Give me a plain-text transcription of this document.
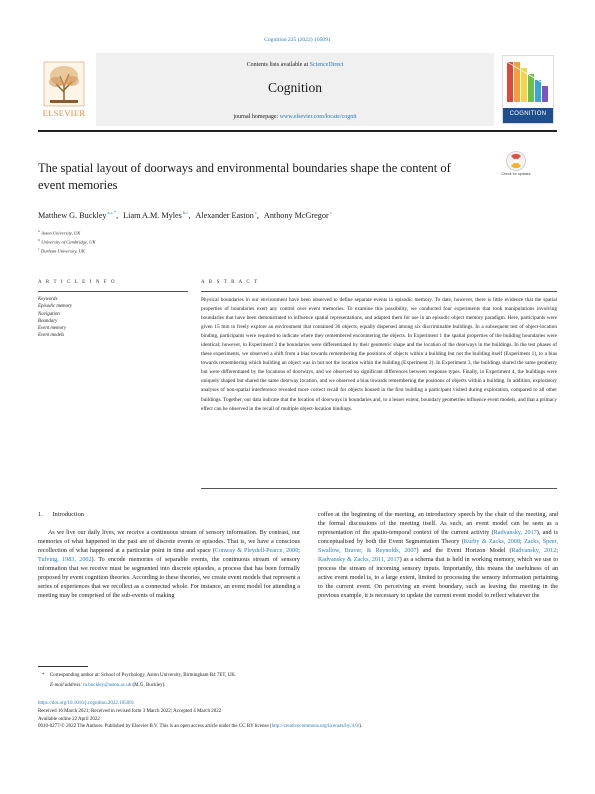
Cognition 225 (2022) 105091
ELSEVIER
Contents lists available at ScienceDirect
Cognition
journal homepage: www.elsevier.com/locate/cognit	COGNITION
The spatial layout of doorways and environmental boundaries shape the content of event memories
Check for updates
Matthew G. Buckley$^{a,c,*}$, Liam A.M. Myles$^{b,c}$, Alexander Easton$^c$, Anthony McGregor$^c$
$^a$ Aston University, UK
$^b$ University of Cambridge, UK
$^c$ Durham University, UK
A R T I C L E I N F O	A B S T R A C T
Keywords
Episodic memory
Navigation
Boundary
Event memory
Event models
Physical boundaries in our environment have been observed to define separate events in episodic memory. To date, however, there is little evidence that the spatial properties of boundaries exert any control over event memories. To examine this possibility, we conducted four experiments that took manipulations involving boundaries that have been demonstrated to influence spatial representations, and adapted them for use in an episodic object memory paradigm. Here, participants were given 15 min to freely explore an environment that contained 36 objects, equally dispersed among six discriminable buildings. In a subsequent test of object-location binding, participants were required to indicate where they remembered encountering the objects. In Experiment 1 the spatial properties of the building boundaries were identical; however, in Experiment 2 the boundaries were differentiated by their geometric shape and the location of the doorways in the buildings. In the test phases of these experiments, we observed a shift from a bias towards remembering the positions of objects within a building but not the building itself (Experiment 1), to a bias towards remembering which building an object was in but not the location within the building (Experiment 2). In Experiment 3, the buildings shared the same geometry but were differentiated by the locations of doorways, and we observed no significant differences between response types. Finally, in Experiment 4, the buildings were uniquely shaped but shared the same doorway location, and we observed a bias towards remembering the positions of objects within a building. In addition, exploratory analyses of non-spatial interference revealed more correct recall for objects housed in the first building a participant visited during exploration, compared to all other buildings. Together, our data indicate that the location of doorways in boundaries and, to a lesser extent, boundary geometries influence event models, and that a primacy effect can be observed in the recall of multiple object-location bindings.
1. Introduction
As we live our daily lives, we receive a continuous stream of sensory information. By contrast, our memories of what happened in the past are of discrete events or episodes. That is, we have a conscious recollection of what happened at a particular point in time and space (Conway & Pleydell-Pearce, 2000; Tulving, 1983, 2002). To encode memories of separable events, the continuous stream of sensory information that we receive must be segmented into discrete episodes, a process that has been formally proposed by event cognition theories. According to these theories, we create event models that represent a series of experiences that we recollect as a connected whole. For instance, an event model for attending a meeting may be comprised of the sub-events of making
coffee at the beginning of the meeting, an introductory speech by the chair of the meeting, and the formal discussions of the meeting itself. As such, an event model can be seen as a representation of the spatio-temporal context of the current activity (Radvansky, 2017), and is conceptualised by both the Event Segmentation Theory (Kurby & Zacks, 2008; Zacks, Speer, Swallow, Braver, & Reynolds, 2007) and the Event Horizon Model (Radvansky, 2012; Radvansky & Zacks, 2011, 2017) as a schema that is held in working memory, which we use to process the stream of incoming sensory inputs. Importantly, this means the usefulness of an active event model is, to a large extent, limited to processing the sensory information pertaining to the current event. On perceiving an event boundary, such as leaving the meeting in the previous example, it is necessary to update the current event model to reflect whatever the
* Corresponding author at: School of Psychology, Aston University, Birmingham B4 7ET, UK.
E-mail address: m.buckley@aston.ac.uk (M.G. Buckley).
https://doi.org/10.1016/j.cognition.2022.105091
Received 16 March 2021; Received in revised form 3 March 2022; Accepted 4 March 2022
Available online 22 April 2022
0010-0277/© 2022 The Authors. Published by Elsevier B.V. This is an open access article under the CC BY license (http://creativecommons.org/licenses/by/4.0/).
